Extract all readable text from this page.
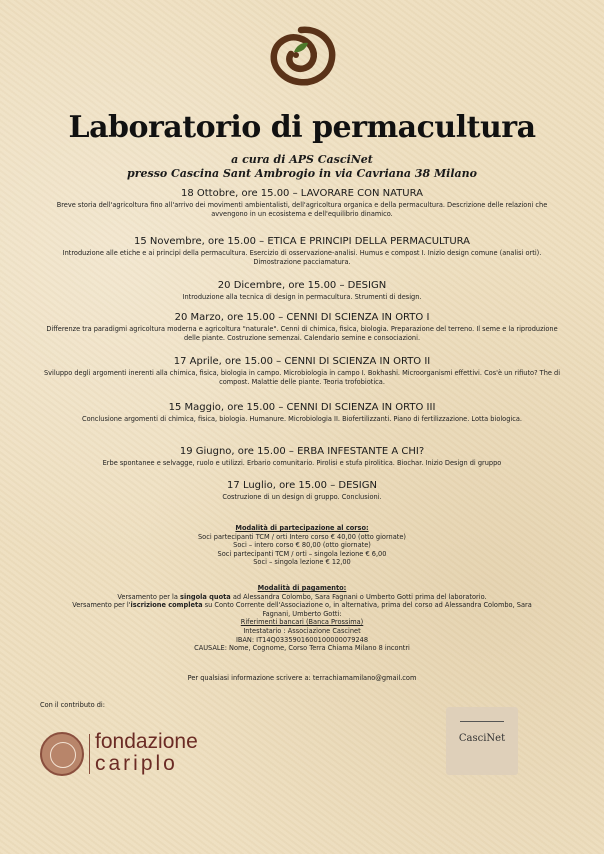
Laboratorio di permacultura
a cura di APS CasciNet
presso Cascina Sant Ambrogio in via Cavriana 38 Milano
18 Ottobre, ore 15.00 – LAVORARE CON NATURA
Breve storia dell'agricoltura fino all'arrivo dei movimenti ambientalisti, dell'agricoltura organica e della permacultura. Descrizione delle relazioni che avvengono in un ecosistema e dell'equilibrio dinamico.
15 Novembre, ore 15.00 – ETICA E PRINCIPI DELLA PERMACULTURA
Introduzione alle etiche e ai principi della permacultura. Esercizio di osservazione-analisi. Humus e compost I. Inizio design comune (analisi orti). Dimostrazione pacciamatura.
20 Dicembre, ore 15.00 – DESIGN
Introduzione alla tecnica di design in permacultura. Strumenti di design.
20 Marzo, ore 15.00 – CENNI DI SCIENZA IN ORTO I
Differenze tra paradigmi agricoltura moderna e agricoltura "naturale". Cenni di chimica, fisica, biologia. Preparazione del terreno. Il seme e la riproduzione delle piante. Costruzione semenzai. Calendario semine e consociazioni.
17 Aprile, ore 15.00 – CENNI DI SCIENZA IN ORTO II
Sviluppo degli argomenti inerenti alla chimica, fisica, biologia in campo. Microbiologia in campo I. Bokhashi. Microorganismi effettivi. Cos'è un rifiuto? The di compost. Malattie delle piante. Teoria trofobiotica.
15 Maggio, ore 15.00 – CENNI DI SCIENZA IN ORTO III
Conclusione argomenti di chimica, fisica, biologia. Humanure. Microbiologia II. Biofertilizzanti. Piano di fertilizzazione. Lotta biologica.
19 Giugno, ore 15.00 – ERBA INFESTANTE A CHI?
Erbe spontanee e selvagge, ruolo e utilizzi. Erbario comunitario. Pirolisi e stufa pirolitica. Biochar. Inizio Design di gruppo
17 Luglio, ore 15.00 – DESIGN
Costruzione di un design di gruppo. Conclusioni.
Modalità di partecipazione al corso:
Soci partecipanti TCM / orti Intero corso € 40,00 (otto giornate)
Soci – intero corso € 80,00 (otto giornate)
Soci partecipanti TCM / orti – singola lezione € 6,00
Soci – singola lezione € 12,00
Modalità di pagamento:
Versamento per la singola quota ad Alessandra Colombo, Sara Fagnani o Umberto Gotti prima del laboratorio.
Versamento per l'iscrizione completa su Conto Corrente dell'Associazione o, in alternativa, prima del corso ad Alessandra Colombo, Sara Fagnani, Umberto Gotti:
Riferimenti bancari (Banca Prossima)
Intestatario : Associazione Cascinet
IBAN: IT14Q0335901600100000079248
CAUSALE: Nome, Cognome, Corso Terra Chiama Milano 8 incontri
Per qualsiasi informazione scrivere a: terrachiamamilano@gmail.com
Con il contributo di:
fondazione
cariplo
CasciNet
